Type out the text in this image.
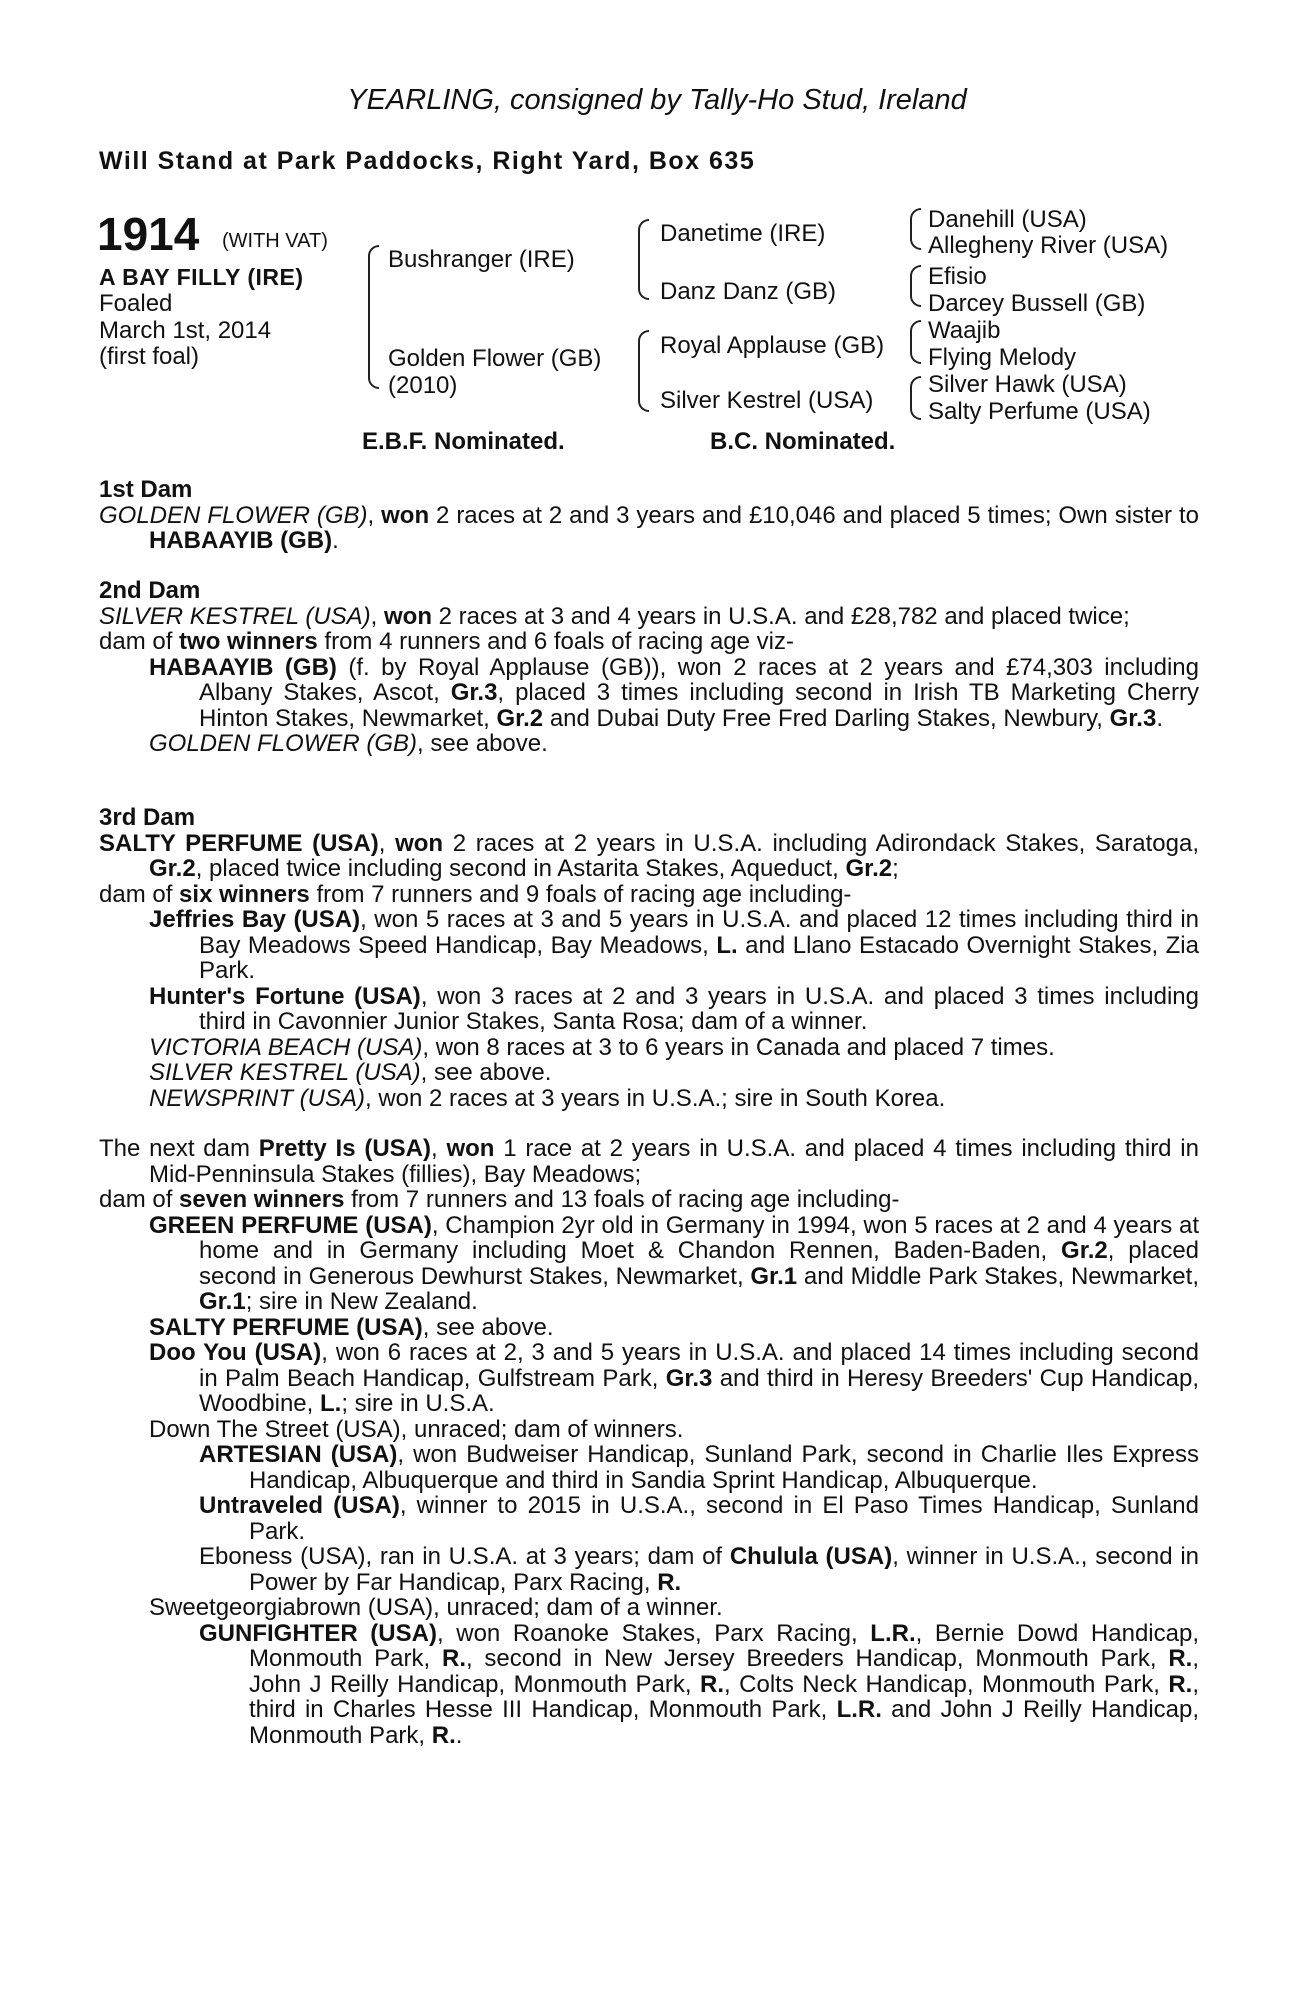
YEARLING, consigned by Tally-Ho Stud, Ireland
Will Stand at Park Paddocks, Right Yard, Box 635
1914 (WITH VAT)
A BAY FILLY (IRE)
Foaled
March 1st, 2014
(first foal)
Bushranger (IRE)
Golden Flower (GB)
(2010)
Danetime (IRE)
Danz Danz (GB)
Royal Applause (GB)
Silver Kestrel (USA)
Danehill (USA)
Allegheny River (USA)
Efisio
Darcey Bussell (GB)
Waajib
Flying Melody
Silver Hawk (USA)
Salty Perfume (USA)
E.B.F. Nominated.	B.C. Nominated.

1st Dam

GOLDEN FLOWER (GB), won 2 races at 2 and 3 years and £10,046 and placed 5 times; Own sister to HABAAYIB (GB).

2nd Dam

SILVER KESTREL (USA), won 2 races at 3 and 4 years in U.S.A. and £28,782 and placed twice;

dam of two winners from 4 runners and 6 foals of racing age viz-

HABAAYIB (GB) (f. by Royal Applause (GB)), won 2 races at 2 years and £74,303 including Albany Stakes, Ascot, Gr.3, placed 3 times including second in Irish TB Marketing Cherry Hinton Stakes, Newmarket, Gr.2 and Dubai Duty Free Fred Darling Stakes, Newbury, Gr.3.

GOLDEN FLOWER (GB), see above.

3rd Dam

SALTY PERFUME (USA), won 2 races at 2 years in U.S.A. including Adirondack Stakes, Saratoga, Gr.2, placed twice including second in Astarita Stakes, Aqueduct, Gr.2;

dam of six winners from 7 runners and 9 foals of racing age including-

Jeffries Bay (USA), won 5 races at 3 and 5 years in U.S.A. and placed 12 times including third in Bay Meadows Speed Handicap, Bay Meadows, L. and Llano Estacado Overnight Stakes, Zia Park.

Hunter's Fortune (USA), won 3 races at 2 and 3 years in U.S.A. and placed 3 times including third in Cavonnier Junior Stakes, Santa Rosa; dam of a winner.

VICTORIA BEACH (USA), won 8 races at 3 to 6 years in Canada and placed 7 times.

SILVER KESTREL (USA), see above.

NEWSPRINT (USA), won 2 races at 3 years in U.S.A.; sire in South Korea.

The next dam Pretty Is (USA), won 1 race at 2 years in U.S.A. and placed 4 times including third in Mid-Penninsula Stakes (fillies), Bay Meadows;

dam of seven winners from 7 runners and 13 foals of racing age including-

GREEN PERFUME (USA), Champion 2yr old in Germany in 1994, won 5 races at 2 and 4 years at home and in Germany including Moet & Chandon Rennen, Baden-Baden, Gr.2, placed second in Generous Dewhurst Stakes, Newmarket, Gr.1 and Middle Park Stakes, Newmarket, Gr.1; sire in New Zealand.

SALTY PERFUME (USA), see above.

Doo You (USA), won 6 races at 2, 3 and 5 years in U.S.A. and placed 14 times including second in Palm Beach Handicap, Gulfstream Park, Gr.3 and third in Heresy Breeders' Cup Handicap, Woodbine, L.; sire in U.S.A.

Down The Street (USA), unraced; dam of winners.

ARTESIAN (USA), won Budweiser Handicap, Sunland Park, second in Charlie Iles Express Handicap, Albuquerque and third in Sandia Sprint Handicap, Albuquerque.

Untraveled (USA), winner to 2015 in U.S.A., second in El Paso Times Handicap, Sunland Park.

Eboness (USA), ran in U.S.A. at 3 years; dam of Chulula (USA), winner in U.S.A., second in Power by Far Handicap, Parx Racing, R.

Sweetgeorgiabrown (USA), unraced; dam of a winner.

GUNFIGHTER (USA), won Roanoke Stakes, Parx Racing, L.R., Bernie Dowd Handicap, Monmouth Park, R., second in New Jersey Breeders Handicap, Monmouth Park, R., John J Reilly Handicap, Monmouth Park, R., Colts Neck Handicap, Monmouth Park, R., third in Charles Hesse III Handicap, Monmouth Park, L.R. and John J Reilly Handicap, Monmouth Park, R..
